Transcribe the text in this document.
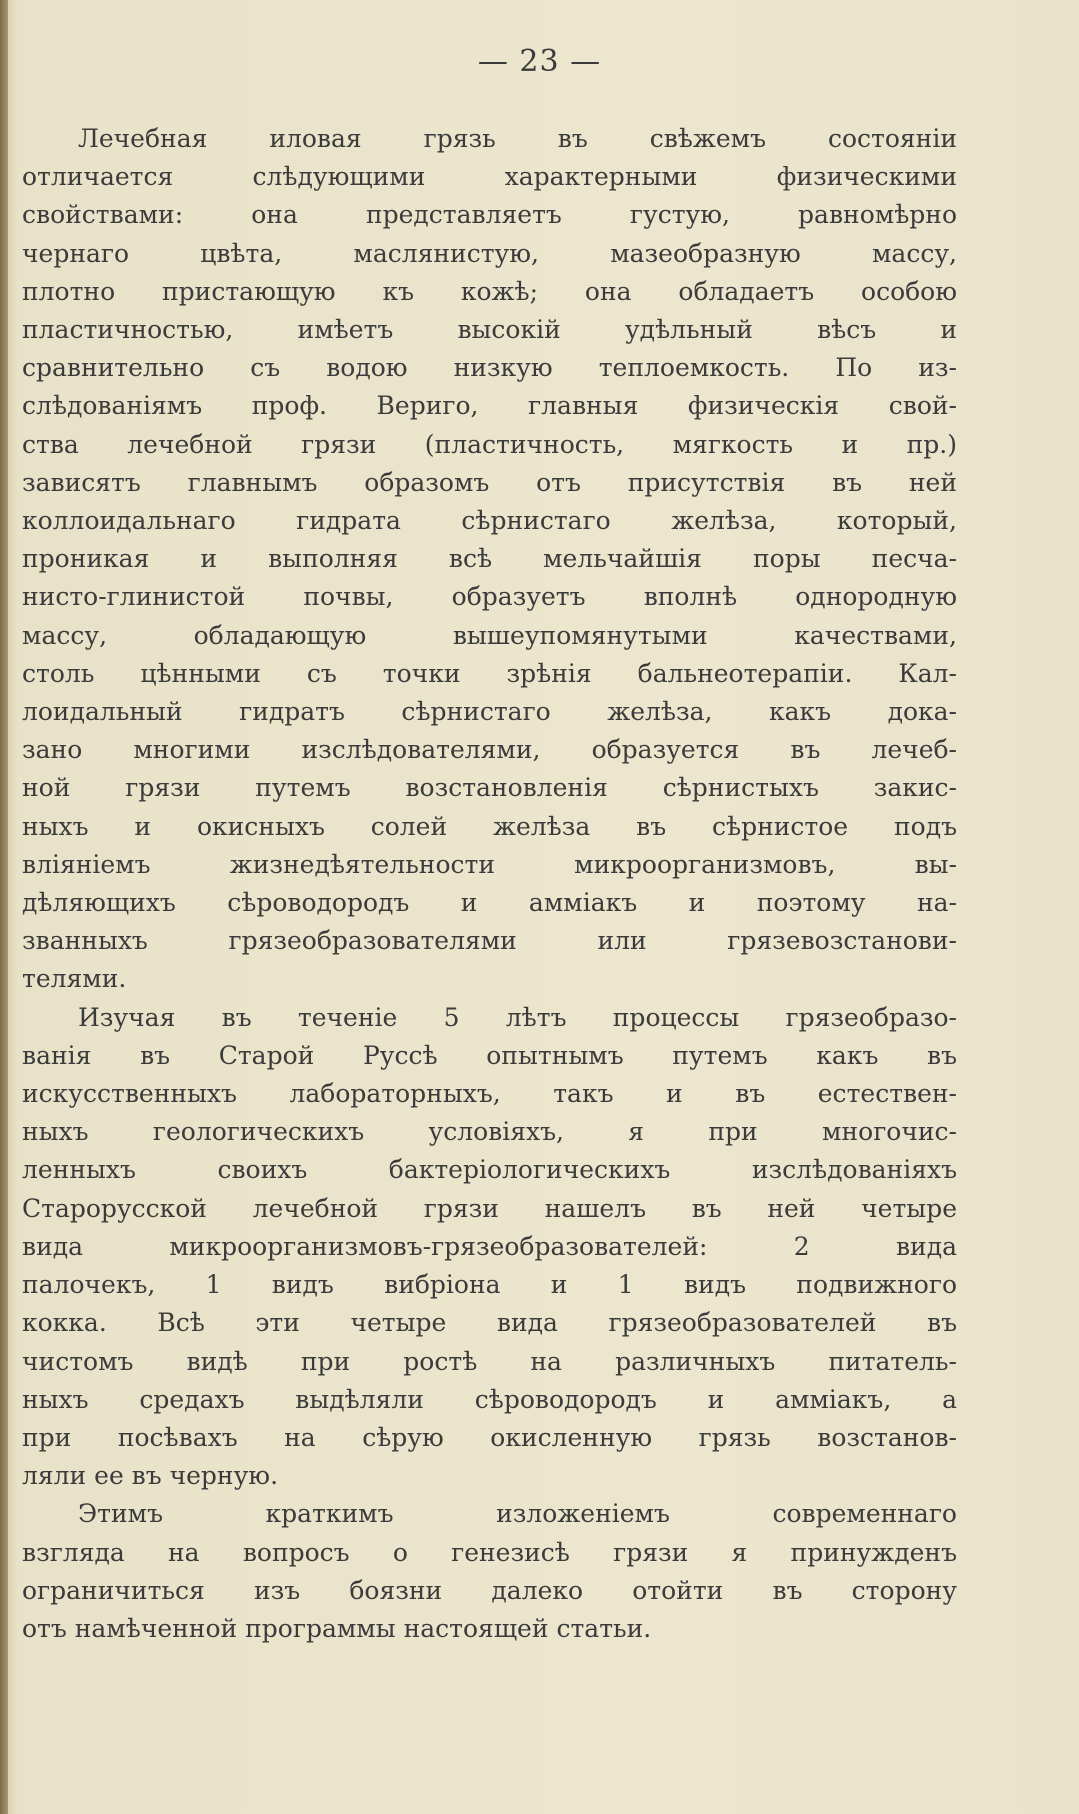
— 23 —

Лечебная иловая грязь въ свѣжемъ состояніи
отличается слѣдующими характерными физическими
свойствами: она представляетъ густую, равномѣрно
чернаго цвѣта, маслянистую, мазеобразную массу,
плотно пристающую къ кожѣ; она обладаетъ особою
пластичностью, имѣетъ высокій удѣльный вѣсъ и
сравнительно съ водою низкую теплоемкость. По из-
слѣдованіямъ проф. Вериго, главныя физическія свой-
ства лечебной грязи (пластичность, мягкость и пр.)
зависятъ главнымъ образомъ отъ присутствія въ ней
коллоидальнаго гидрата сѣрнистаго желѣза, который,
проникая и выполняя всѣ мельчайшія поры песча-
нисто-глинистой почвы, образуетъ вполнѣ однородную
массу, обладающую вышеупомянутыми качествами,
столь цѣнными съ точки зрѣнія бальнеотерапіи. Кал-
лоидальный гидратъ сѣрнистаго желѣза, какъ дока-
зано многими изслѣдователями, образуется въ лечеб-
ной грязи путемъ возстановленія сѣрнистыхъ закис-
ныхъ и окисныхъ солей желѣза въ сѣрнистое подъ
вліяніемъ жизнедѣятельности микроорганизмовъ, вы-
дѣляющихъ сѣроводородъ и аммiакъ и поэтому на-
званныхъ грязеобразователями или грязевозстанови-
телями.

Изучая въ теченіе 5 лѣтъ процессы грязеобразо-
ванія въ Старой Руссѣ опытнымъ путемъ какъ въ
искусственныхъ лабораторныхъ, такъ и въ естествен-
ныхъ геологическихъ условіяхъ, я при многочис-
ленныхъ своихъ бактеріологическихъ изслѣдованіяхъ
Старорусской лечебной грязи нашелъ въ ней четыре
вида микроорганизмовъ-грязеобразователей: 2 вида
палочекъ, 1 видъ вибріона и 1 видъ подвижного
кокка. Всѣ эти четыре вида грязеобразователей въ
чистомъ видѣ при ростѣ на различныхъ питатель-
ныхъ средахъ выдѣляли сѣроводородъ и аммiакъ, а
при посѣвахъ на сѣрую окисленную грязь возстанов-
ляли ее въ черную.

Этимъ краткимъ изложеніемъ современнаго
взгляда на вопросъ о генезисѣ грязи я принужденъ
ограничиться изъ боязни далеко отойти въ сторону
отъ намѣченной программы настоящей статьи.
